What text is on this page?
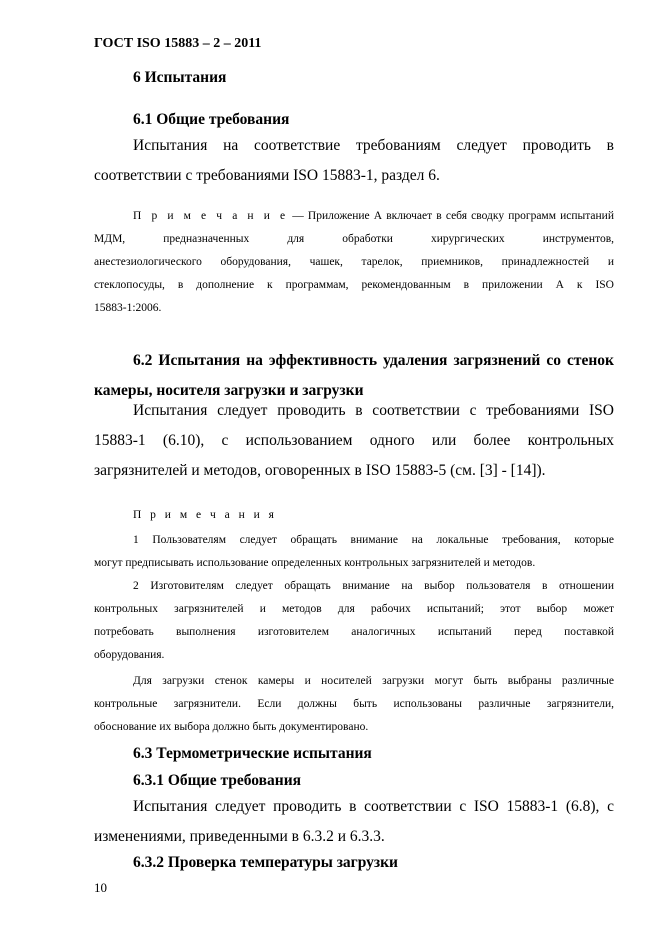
ГОСТ ISO 15883 – 2 – 2011
6 Испытания
6.1 Общие требования
Испытания на соответствие требованиям следует проводить в
соответствии с требованиями ISO 15883-1, раздел 6.
П р и м е ч а н и е — Приложение А включает в себя сводку программ испытаний
МДМ, предназначенных для обработки хирургических инструментов,
анестезиологического оборудования, чашек, тарелок, приемников, принадлежностей и
стеклопосуды, в дополнение к программам, рекомендованным в приложении А к ISO
15883-1:2006.
6.2 Испытания на эффективность удаления загрязнений со стенок
камеры, носителя загрузки и загрузки
Испытания следует проводить в соответствии с требованиями ISO
15883-1 (6.10), с использованием одного или более контрольных
загрязнителей и методов, оговоренных в ISO 15883-5 (см. [3] - [14]).
П р и м е ч а н и я
1 Пользователям следует обращать внимание на локальные требования, которые
могут предписывать использование определенных контрольных загрязнителей и методов.
2 Изготовителям следует обращать внимание на выбор пользователя в отношении
контрольных загрязнителей и методов для рабочих испытаний; этот выбор может
потребовать выполнения изготовителем аналогичных испытаний перед поставкой
оборудования.
Для загрузки стенок камеры и носителей загрузки могут быть выбраны различные
контрольные загрязнители. Если должны быть использованы различные загрязнители,
обоснование их выбора должно быть документировано.
6.3 Термометрические испытания
6.3.1 Общие требования
Испытания следует проводить в соответствии с ISO 15883-1 (6.8), с
изменениями, приведенными в 6.3.2 и 6.3.3.
6.3.2 Проверка температуры загрузки
10
